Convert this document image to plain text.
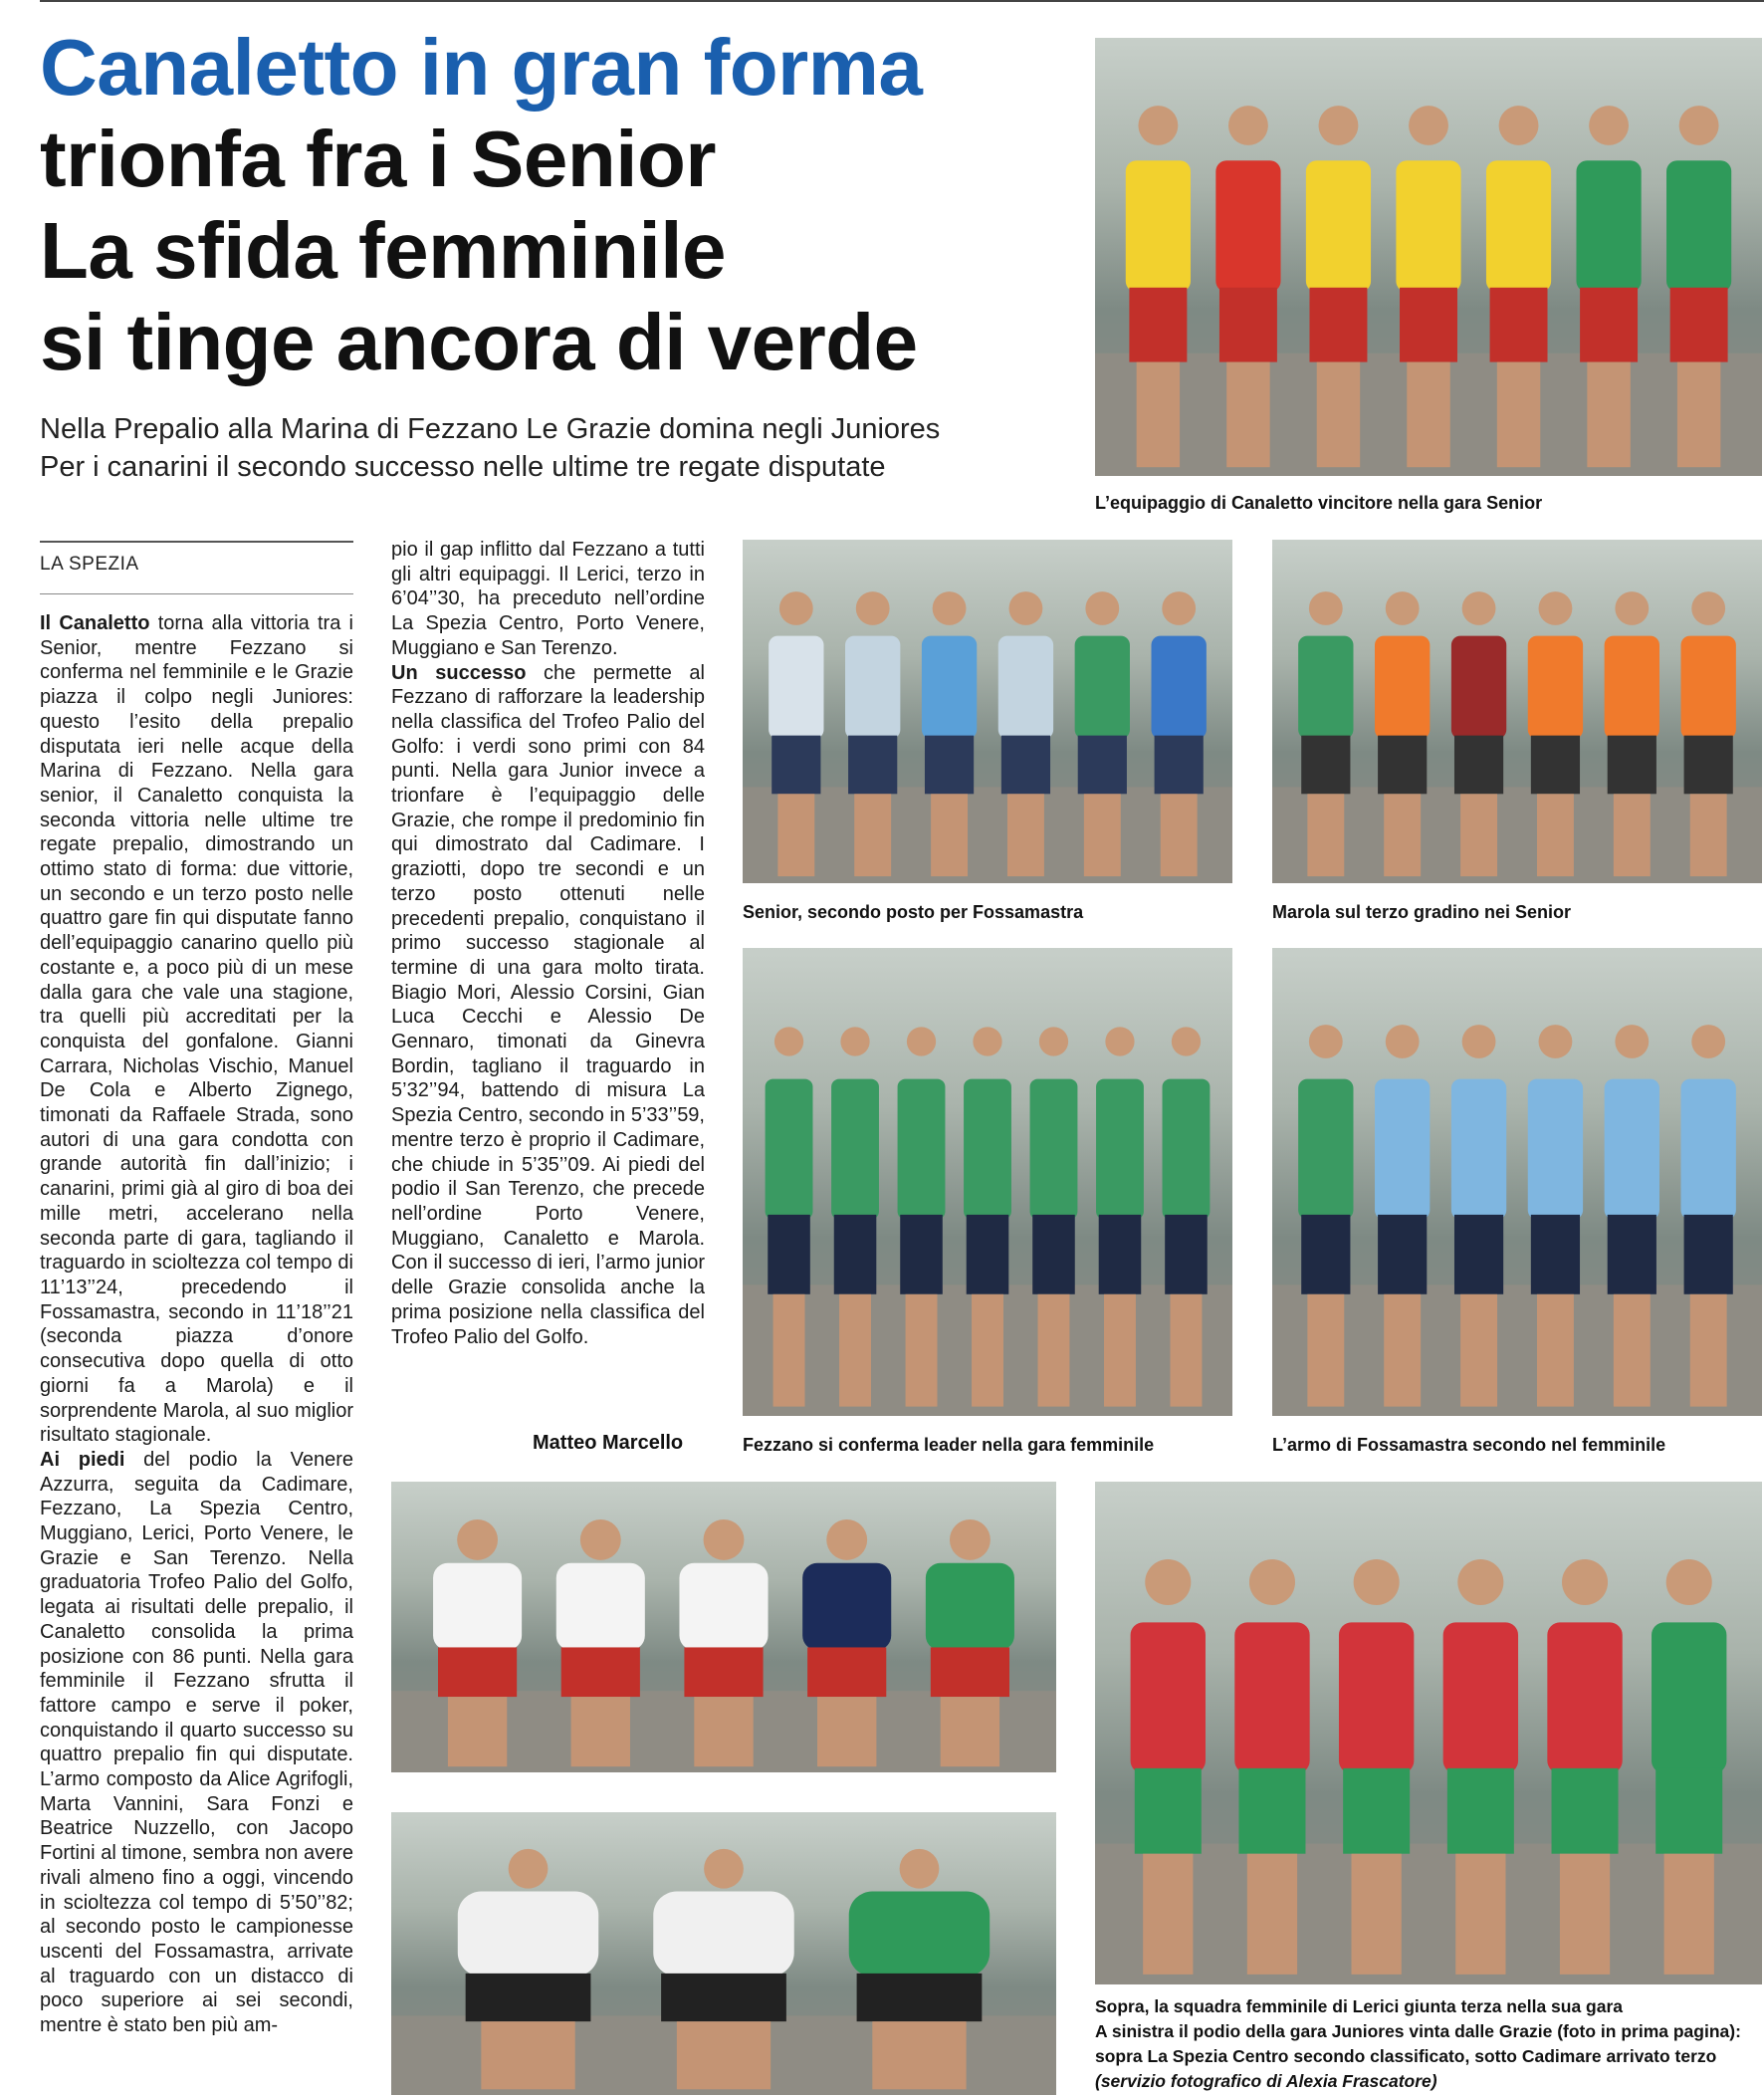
Canaletto in gran forma
trionfa fra i Senior
La sfida femminile
si tinge ancora di verde
Nella Prepalio alla Marina di Fezzano Le Grazie domina negli Juniores
Per i canarini il secondo successo nelle ultime tre regate disputate
L’equipaggio di Canaletto vincitore nella gara Senior
Senior, secondo posto per Fossamastra	Marola sul terzo gradino nei Senior
Fezzano si conferma leader nella gara femminile	L’armo di Fossamastra secondo nel femminile
Sopra, la squadra femminile di Lerici giunta terza nella sua gara
A sinistra il podio della gara Juniores vinta dalle Grazie (foto in prima pagina):
sopra La Spezia Centro secondo classificato, sotto Cadimare arrivato terzo
(servizio fotografico di Alexia Frascatore)
LA SPEZIA

Il Canaletto torna alla vittoria tra i Senior, mentre Fezzano si conferma nel femminile e le Grazie piazza il colpo negli Juniores: questo l’esito della prepalio disputata ieri nelle acque della Marina di Fezzano. Nella gara senior, il Canaletto conquista la seconda vittoria nelle ultime tre regate prepalio, dimostrando un ottimo stato di forma: due vittorie, un secondo e un terzo posto nelle quattro gare fin qui disputate fanno dell’equipaggio canarino quello più costante e, a poco più di un mese dalla gara che vale una stagione, tra quelli più accreditati per la conquista del gonfalone. Gianni Carrara, Nicholas Vischio, Manuel De Cola e Alberto Zignego, timonati da Raffaele Strada, sono autori di una gara condotta con grande autorità fin dall’inizio; i canarini, primi già al giro di boa dei mille metri, accelerano nella seconda parte di gara, tagliando il traguardo in scioltezza col tempo di 11’13’’24, precedendo il Fossamastra, secondo in 11’18’’21 (seconda piazza d’onore consecutiva dopo quella di otto giorni fa a Marola) e il sorprendente Marola, al suo miglior risultato stagionale.

Ai piedi del podio la Venere Azzurra, seguita da Cadimare, Fezzano, La Spezia Centro, Muggiano, Lerici, Porto Venere, le Grazie e San Terenzo. Nella graduatoria Trofeo Palio del Golfo, legata ai risultati delle prepalio, il Canaletto consolida la prima posizione con 86 punti. Nella gara femminile il Fezzano sfrutta il fattore campo e serve il poker, conquistando il quarto successo su quattro prepalio fin qui disputate. L’armo composto da Alice Agrifogli, Marta Vannini, Sara Fonzi e Beatrice Nuzzello, con Jacopo Fortini al timone, sembra non avere rivali almeno fino a oggi, vincendo in scioltezza col tempo di 5’50’’82; al secondo posto le campionesse uscenti del Fossamastra, arrivate al traguardo con un distacco di poco superiore ai sei secondi, mentre è stato ben più am-

pio il gap inflitto dal Fezzano a tutti gli altri equipaggi. Il Lerici, terzo in 6’04’’30, ha preceduto nell’ordine La Spezia Centro, Porto Venere, Muggiano e San Terenzo.

Un successo che permette al Fezzano di rafforzare la leadership nella classifica del Trofeo Palio del Golfo: i verdi sono primi con 84 punti. Nella gara Junior invece a trionfare è l’equipaggio delle Grazie, che rompe il predominio fin qui dimostrato dal Cadimare. I graziotti, dopo tre secondi e un terzo posto ottenuti nelle precedenti prepalio, conquistano il primo successo stagionale al termine di una gara molto tirata. Biagio Mori, Alessio Corsini, Gian Luca Cecchi e Alessio De Gennaro, timonati da Ginevra Bordin, tagliano il traguardo in 5’32’’94, battendo di misura La Spezia Centro, secondo in 5’33’’59, mentre terzo è proprio il Cadimare, che chiude in 5’35’’09. Ai piedi del podio il San Terenzo, che precede nell’ordine Porto Venere, Muggiano, Canaletto e Marola. Con il successo di ieri, l’armo junior delle Grazie consolida anche la prima posizione nella classifica del Trofeo Palio del Golfo.

Matteo Marcello
